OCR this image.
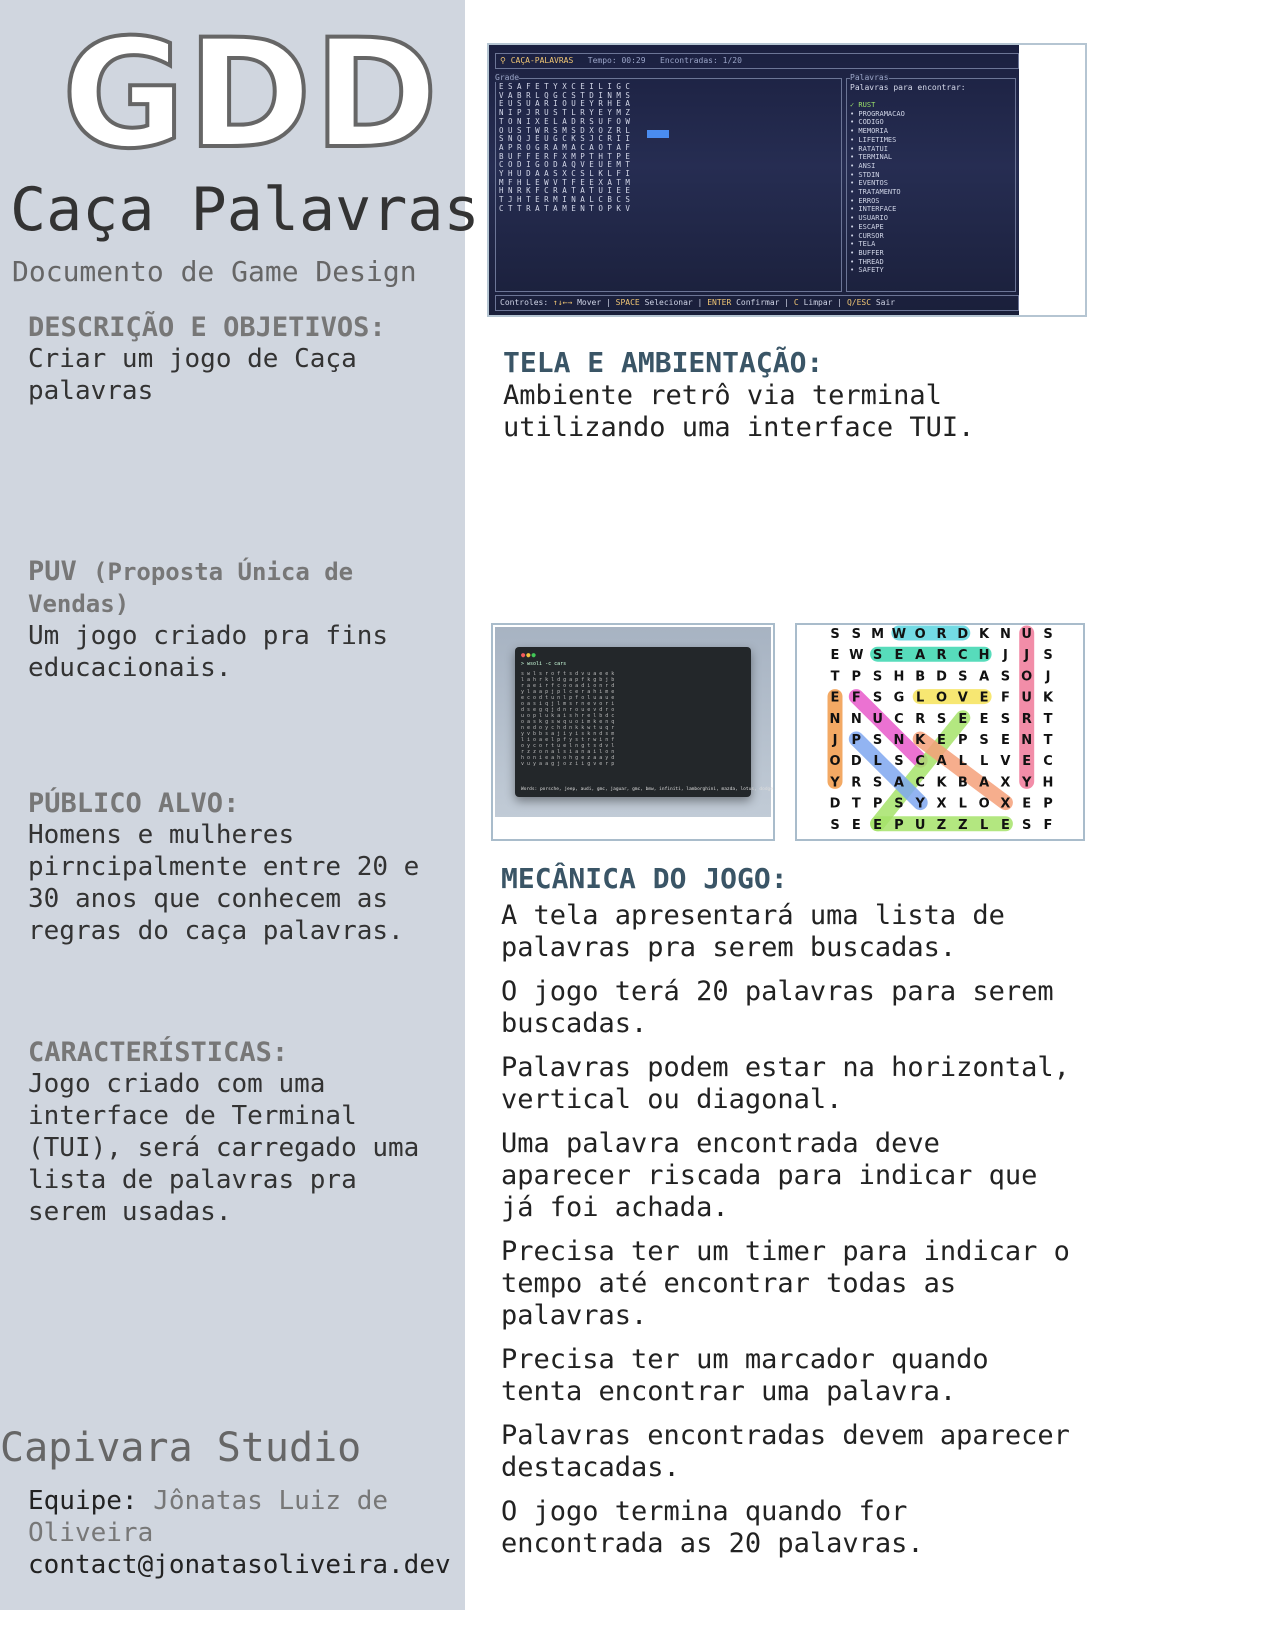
GDD
Caça Palavras
Documento de Game Design
DESCRIÇÃO E OBJETIVOS:
Criar um jogo de Caça palavras
PUV (Proposta Única de Vendas)
Um jogo criado pra fins educacionais.
PÚBLICO ALVO:
Homens e mulheres pirncipalmente entre 20 e 30 anos que conhecem as regras do caça palavras.
CARACTERÍSTICAS:
Jogo criado com uma interface de Terminal (TUI), será carregado uma lista de palavras pra serem usadas.
Capivara Studio
Equipe: Jônatas Luiz de Oliveira
contact@jonatasoliveira.dev
⚲ CAÇA-PALAVRAS Tempo: 00:29 Encontradas: 1/20
Grade
E S A F E T Y X C E I L I G C
V A B R L Q G C S T D I N M S
E U S U A R I O U E Y R H E A
N I P J R U S T L R Y E Y M Z
T O N I X E L A D R S U F O W
O U S T W R S M S D X O Z R L
S N Q J E U G C K S J C R I I
A P R O G R A M A C A O T A F
B U F F E R F X M P T H T P E
C O D I G O D A Q V E U E M T
Y H U D A A S X C S L K L F I
M F H L E W V T F E E X A T M
H N R K F C R A T A T U I E E
T J H T E R M I N A L C B C S
C T T R A T A M E N T O P K V
Palavras
Palavras para encontrar:
✓ RUST
• PROGRAMACAO
• CODIGO
• MEMORIA
• LIFETIMES
• RATATUI
• TERMINAL
• ANSI
• STDIN
• EVENTOS
• TRATAMENTO
• ERROS
• INTERFACE
• USUARIO
• ESCAPE
• CURSOR
• TELA
• BUFFER
• THREAD
• SAFETY
Controles: ↑↓←→ Mover | SPACE Selecionar | ENTER Confirmar | C Limpar | Q/ESC Sair
TELA E AMBIENTAÇÃO:
Ambiente retrô via terminal utilizando uma interface TUI.
●●●
> wsoli -c cars
s w l s r o f t s d v u a e e k
l a h r k l d g a p f k g b j b
r a e i r f c o o a d i o n r d
y l a a p j p l c e r a h i m e
e c o d t u n l p f o l u a u e
o a s i q j l m s r n e v o r i
d s e g q j d n r o u e v d r o
u o p l u k a i s h r e l b d c
o a s k g s w q u o i m k e n q
n e d o y c h d n k k w t u q r
y v b b s a j i y i s k n d s m
l i o a e l p f y s t r w i n f
o y c o r t u e l n g t s d v l
r z z o n a l s i a n a i l o n
h o n i e a h o h g e z a a y d
v u y a a g j o z i i g v e r p
Words: porsche, jeep, audi, gmc, jaguar, gmc, bmw, infiniti, lamborghini, mazda, lotus, dodge
S S M W O R D K N U S
E W S E A R C H J J S
T P S H B D S A S O J
E F S G L O V E F U K
N N U C R S E E S R T
J P S N K E P S E N T
O D L S C A L L V E C
Y R S A C K B A X Y H
D T P S Y X L O X E P
S E E P U Z Z L E S F
MECÂNICA DO JOGO:

A tela apresentará uma lista de palavras pra serem buscadas.

O jogo terá 20 palavras para serem buscadas.

Palavras podem estar na horizontal, vertical ou diagonal.

Uma palavra encontrada deve aparecer riscada para indicar que já foi achada.

Precisa ter um timer para indicar o tempo até encontrar todas as palavras.

Precisa ter um marcador quando tenta encontrar uma palavra.

Palavras encontradas devem aparecer destacadas.

O jogo termina quando for encontrada as 20 palavras.
